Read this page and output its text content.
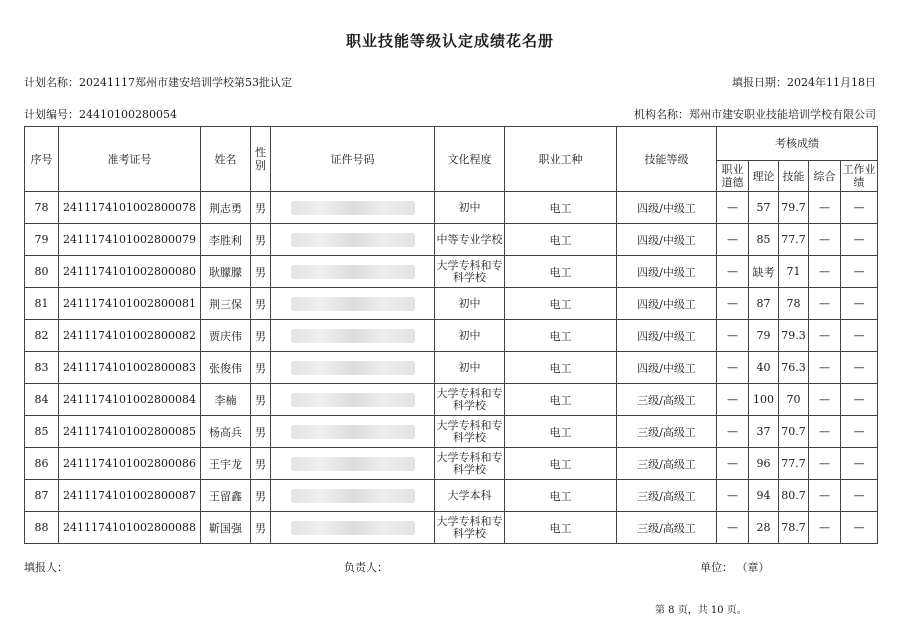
职业技能等级认定成绩花名册
计划名称：20241117郑州市建安培训学校第53批认定	填报日期：2024年11月18日
计划编号：24410100280054	机构名称：郑州市建安职业技能培训学校有限公司
序号	准考证号	姓名	性别	证件号码	文化程度	职业工种	技能等级	考核成绩				
								职业道德	理论	技能	综合	工作业绩
78	2411174101002800078	荆志勇	男		初中	电工	四级/中级工	—	57	79.7	—	—
79	2411174101002800079	李胜利	男		中等专业学校	电工	四级/中级工	—	85	77.7	—	—
80	2411174101002800080	耿朦朦	男		大学专科和专科学校	电工	四级/中级工	—	缺考	71	—	—
81	2411174101002800081	荆三保	男		初中	电工	四级/中级工	—	87	78	—	—
82	2411174101002800082	贾庆伟	男		初中	电工	四级/中级工	—	79	79.3	—	—
83	2411174101002800083	张俊伟	男		初中	电工	四级/中级工	—	40	76.3	—	—
84	2411174101002800084	李楠	男		大学专科和专科学校	电工	三级/高级工	—	100	70	—	—
85	2411174101002800085	杨高兵	男		大学专科和专科学校	电工	三级/高级工	—	37	70.7	—	—
86	2411174101002800086	王宇龙	男		大学专科和专科学校	电工	三级/高级工	—	96	77.7	—	—
87	2411174101002800087	王留鑫	男		大学本科	电工	三级/高级工	—	94	80.7	—	—
88	2411174101002800088	靳国强	男		大学专科和专科学校	电工	三级/高级工	—	28	78.7	—	—
填报人：	负责人：	单位： （章）
第 8 页，共 10 页。
